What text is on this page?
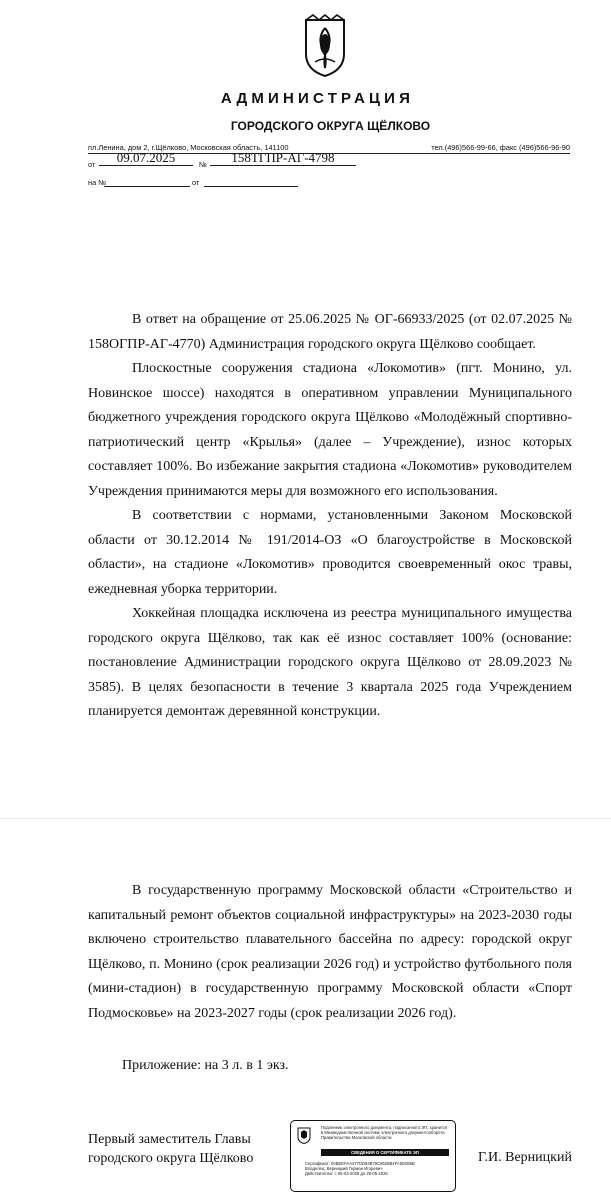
АДМИНИСТРАЦИЯ
ГОРОДСКОГО ОКРУГА ЩЁЛКОВО
пл.Ленина, дом 2, г.Щёлково, Московская область, 141100	тел.(496)566-99-66, факс (496)566-96-90
от	09.07.2025	№	158ТГПР-АГ-4798
на №	от

В ответ на обращение от 25.06.2025 № ОГ-66933/2025 (от 02.07.2025 № 158ОГПР-АГ-4770) Администрация городского округа Щёлково сообщает.

Плоскостные сооружения стадиона «Локомотив» (пгт. Монино, ул. Новинское шоссе) находятся в оперативном управлении Муниципального бюджетного учреждения городского округа Щёлково «Молодёжный спортивно-патриотический центр «Крылья» (далее – Учреждение), износ которых составляет 100%. Во избежание закрытия стадиона «Локомотив» руководителем Учреждения принимаются меры для возможного его использования.

В соответствии с нормами, установленными Законом Московской области от 30.12.2014 № 191/2014-ОЗ «О благоустройстве в Московской области», на стадионе «Локомотив» проводится своевременный окос травы, ежедневная уборка территории.

Хоккейная площадка исключена из реестра муниципального имущества городского округа Щёлково, так как её износ составляет 100% (основание: постановление Администрации городского округа Щёлково от 28.09.2023 № 3585). В целях безопасности в течение 3 квартала 2025 года Учреждением планируется демонтаж деревянной конструкции.

В государственную программу Московской области «Строительство и капитальный ремонт объектов социальной инфраструктуры» на 2023-2030 годы включено строительство плавательного бассейна по адресу: городской округ Щёлково, п. Монино (срок реализации 2026 год) и устройство футбольного поля (мини-стадион) в государственную программу Московской области «Спорт Подмосковье» на 2023-2027 годы (срок реализации 2026 год).

Приложение: на 3 л. в 1 экз.
Первый заместитель Главы
городского округа Щёлково
Подлинник электронного документа, подписанного ЭП, хранится в Межведомственной системе электронного документооборота Правительства Московской области
СВЕДЕНИЯ О СЕРТИФИКАТЕ ЭП
Сертификат: 00BEEFAA477DD84B79C8528B4FA5D085B
Владелец: Верницкий Герман Игоревич
Действителен: с 05-03-2025 до 29-05-2026
Г.И. Верницкий
